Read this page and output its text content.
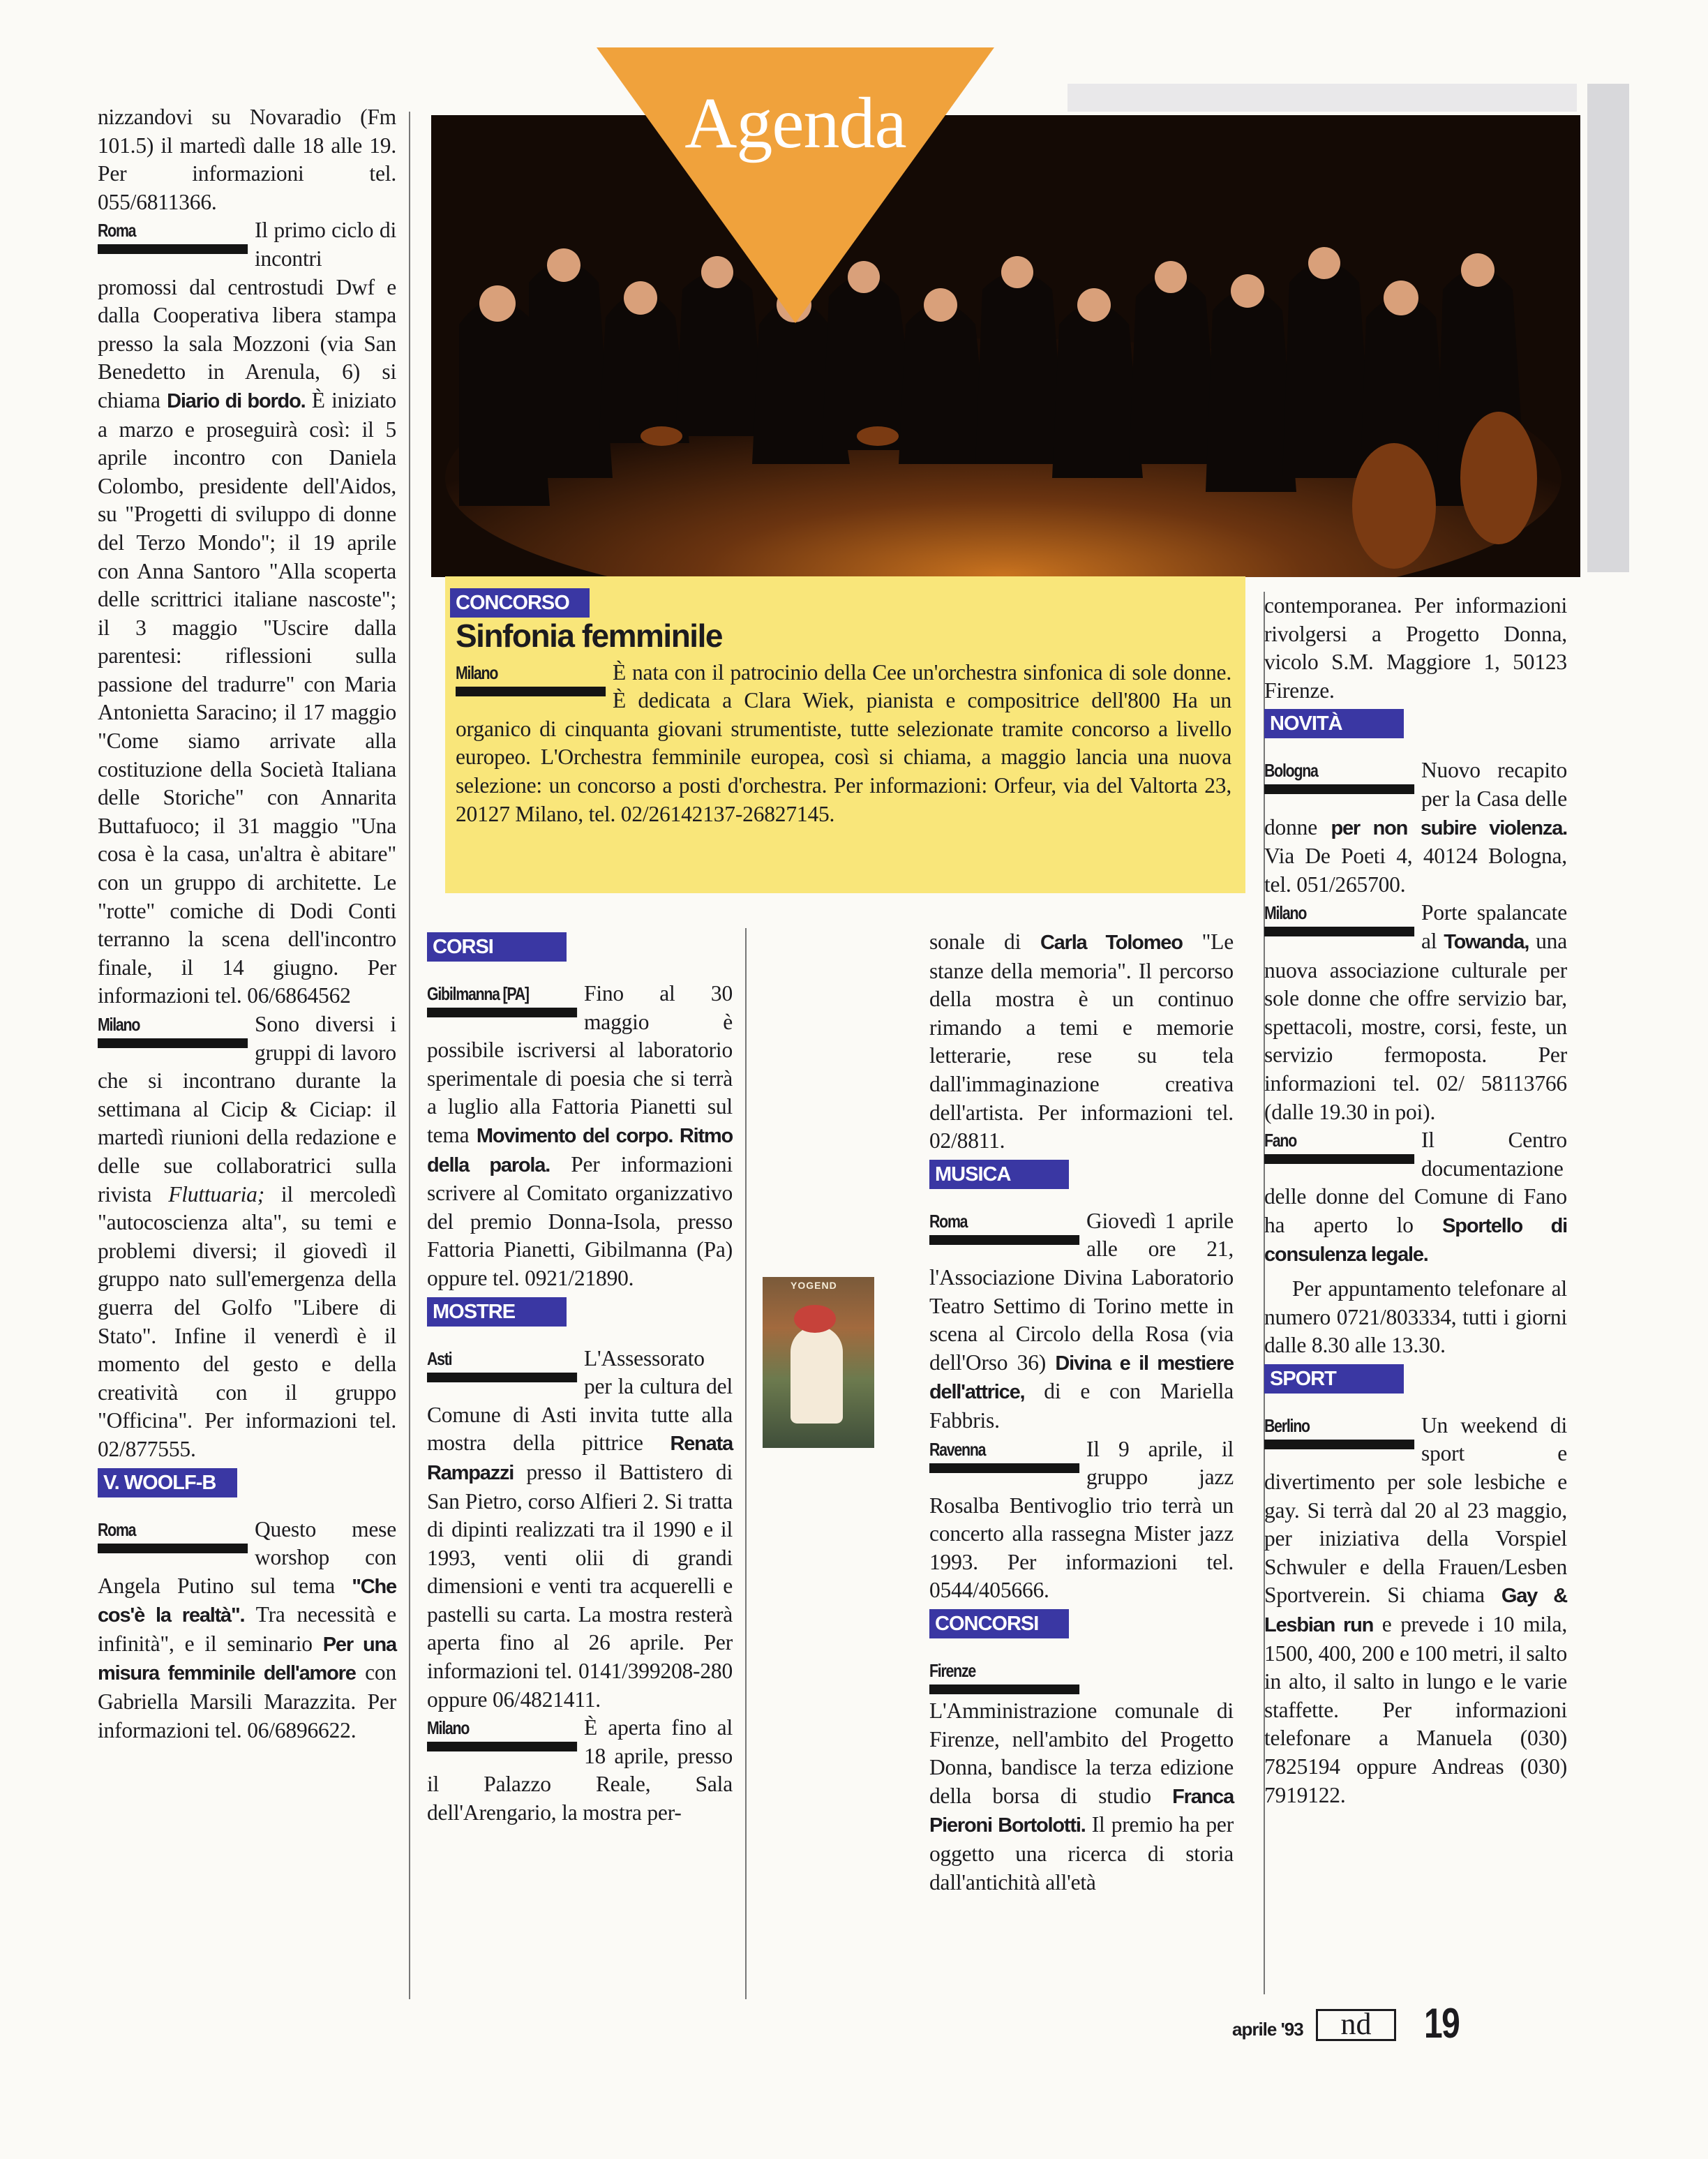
Agenda
CONCORSO
Sinfonia femminile

Milano	È nata con il patrocinio della Cee un'orchestra sinfonica di sole donne. È dedicata a Clara Wiek, pianista e compositrice dell'800 Ha un organico di cinquanta giovani strumentiste, tutte selezionate tramite concorso a livello europeo. L'Orchestra femminile europea, così si chiama, a maggio lancia una nuova selezione: un concorso a posti d'orchestra. Per informazioni: Orfeur, via del Valtorta 23, 20127 Milano, tel. 02/26142137-26827145.

nizzandovi su Novaradio (Fm 101.5) il martedì dalle 18 alle 19. Per informazioni tel. 055/6811366.

Roma	Il primo ciclo di incontri promossi dal centrostudi Dwf e dalla Cooperativa libera stampa presso la sala Mozzoni (via San Benedetto in Arenula, 6) si chiama Diario di bordo. È iniziato a marzo e proseguirà così: il 5 aprile incontro con Daniela Colombo, presidente dell'Aidos, su "Progetti di sviluppo di donne del Terzo Mondo"; il 19 aprile con Anna Santoro "Alla scoperta delle scrittrici italiane nascoste"; il 3 maggio "Uscire dalla parentesi: riflessioni sulla passione del tradurre" con Maria Antonietta Saracino; il 17 maggio "Come siamo arrivate alla costituzione della Società Italiana delle Storiche" con Annarita Buttafuoco; il 31 maggio "Una cosa è la casa, un'altra è abitare" con un gruppo di architette. Le "rotte" comiche di Dodi Conti terranno la scena dell'incontro finale, il 14 giugno. Per informazioni tel. 06/6864562

Milano	Sono diversi i gruppi di lavoro che si incontrano durante la settimana al Cicip & Ciciap: il martedì riunioni della redazione e delle sue collaboratrici sulla rivista Fluttuaria; il mercoledì "autocoscienza alta", su temi e problemi diversi; il giovedì il gruppo nato sull'emergenza della guerra del Golfo "Libere di Stato". Infine il venerdì è il momento del gesto e della creatività con il gruppo "Officina". Per informazioni tel. 02/877555.

V. WOOLF-B

Roma	Questo mese worshop con Angela Putino sul tema "Che cos'è la realtà". Tra necessità e infinità", e il seminario Per una misura femminile dell'amore con Gabriella Marsili Marazzita. Per informazioni tel. 06/6896622.

CORSI

Gibilmanna [PA]	Fino al 30 maggio è possibile iscriversi al laboratorio sperimentale di poesia che si terrà a luglio alla Fattoria Pianetti sul tema Movimento del corpo. Ritmo della parola. Per informazioni scrivere al Comitato organizzativo del premio Donna-Isola, presso Fattoria Pianetti, Gibilmanna (Pa) oppure tel. 0921/21890.

MOSTRE

Asti	L'Assessorato per la cultura del Comune di Asti invita tutte alla mostra della pittrice Renata Rampazzi presso il Battistero di San Pietro, corso Alfieri 2. Si tratta di dipinti realizzati tra il 1990 e il 1993, venti olii di grandi dimensioni e venti tra acquerelli e pastelli su carta. La mostra resterà aperta fino al 26 aprile. Per informazioni tel. 0141/399208-280 oppure 06/4821411.

Milano	È aperta fino al 18 aprile, presso il Palazzo Reale, Sala dell'Arengario, la mostra per-

YOGEND

sonale di Carla Tolomeo "Le stanze della memoria". Il percorso della mostra è un continuo rimando a temi e memorie letterarie, rese su tela dall'immaginazione creativa dell'artista. Per informazioni tel. 02/8811.

MUSICA

Roma	Giovedì 1 aprile alle ore 21, l'Associazione Divina Laboratorio Teatro Settimo di Torino mette in scena al Circolo della Rosa (via dell'Orso 36) Divina e il mestiere dell'attrice, di e con Mariella Fabbris.

Ravenna	Il 9 aprile, il gruppo jazz Rosalba Bentivoglio trio terrà un concerto alla rassegna Mister jazz 1993. Per informazioni tel. 0544/405666.

CONCORSI

Firenze
L'Amministrazione comunale di Firenze, nell'ambito del Progetto Donna, bandisce la terza edizione della borsa di studio Franca Pieroni Bortolotti. Il premio ha per oggetto una ricerca di storia dall'antichità all'età

contemporanea. Per informazioni rivolgersi a Progetto Donna, vicolo S.M. Maggiore 1, 50123 Firenze.

NOVITÀ

Bologna	Nuovo recapito per la Casa delle donne per non subire violenza. Via De Poeti 4, 40124 Bologna, tel. 051/265700.

Milano	Porte spalancate al Towanda, una nuova associazione culturale per sole donne che offre servizio bar, spettacoli, mostre, corsi, feste, un servizio fermoposta. Per informazioni tel. 02/ 58113766 (dalle 19.30 in poi).

Fano	Il Centro documentazione delle donne del Comune di Fano ha aperto lo Sportello di consulenza legale.

Per appuntamento telefonare al numero 0721/803334, tutti i giorni dalle 8.30 alle 13.30.

SPORT

Berlino	Un weekend di sport e divertimento per sole lesbiche e gay. Si terrà dal 20 al 23 maggio, per iniziativa della Vorspiel Schwuler e della Frauen/Lesben Sportverein. Si chiama Gay & Lesbian run e prevede i 10 mila, 1500, 400, 200 e 100 metri, il salto in alto, il salto in lungo e le varie staffette. Per informazioni telefonare a Manuela (030) 7825194 oppure Andreas (030) 7919122.

aprile '93	nd	19
